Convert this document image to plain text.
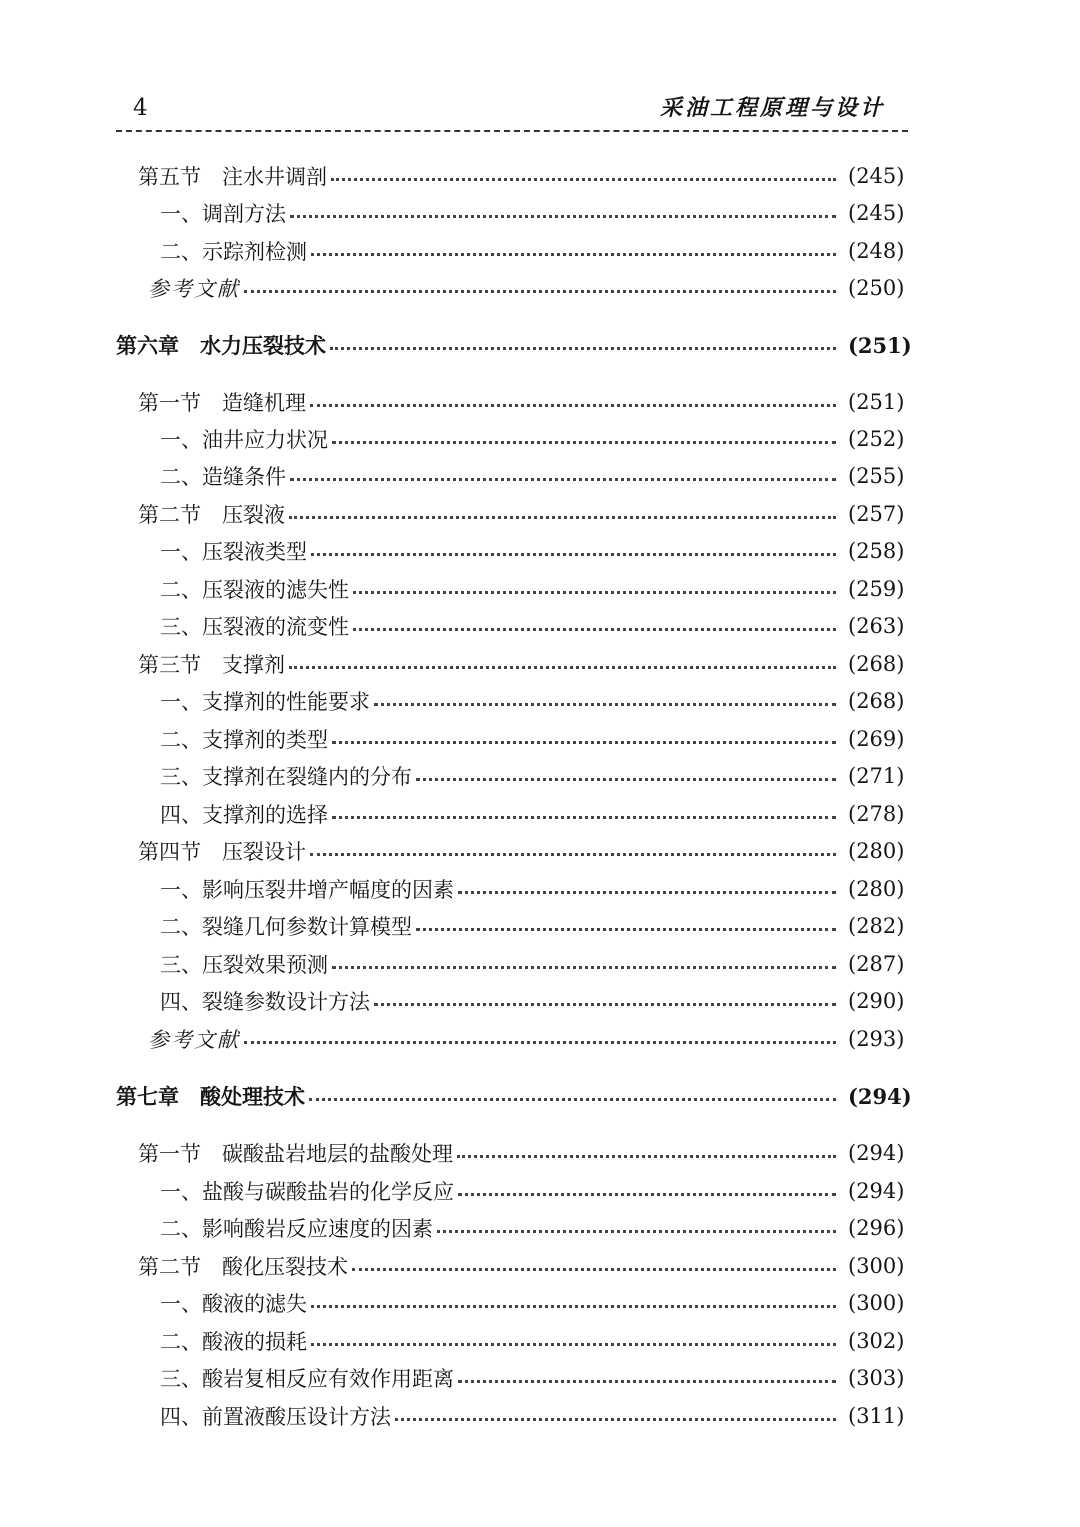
4	采油工程原理与设计
第五节　注水井调剖	(245)
一、调剖方法	(245)
二、示踪剂检测	(248)
参考文献	(250)
第六章　水力压裂技术	(251)
第一节　造缝机理	(251)
一、油井应力状况	(252)
二、造缝条件	(255)
第二节　压裂液	(257)
一、压裂液类型	(258)
二、压裂液的滤失性	(259)
三、压裂液的流变性	(263)
第三节　支撑剂	(268)
一、支撑剂的性能要求	(268)
二、支撑剂的类型	(269)
三、支撑剂在裂缝内的分布	(271)
四、支撑剂的选择	(278)
第四节　压裂设计	(280)
一、影响压裂井增产幅度的因素	(280)
二、裂缝几何参数计算模型	(282)
三、压裂效果预测	(287)
四、裂缝参数设计方法	(290)
参考文献	(293)
第七章　酸处理技术	(294)
第一节　碳酸盐岩地层的盐酸处理	(294)
一、盐酸与碳酸盐岩的化学反应	(294)
二、影响酸岩反应速度的因素	(296)
第二节　酸化压裂技术	(300)
一、酸液的滤失	(300)
二、酸液的损耗	(302)
三、酸岩复相反应有效作用距离	(303)
四、前置液酸压设计方法	(311)
